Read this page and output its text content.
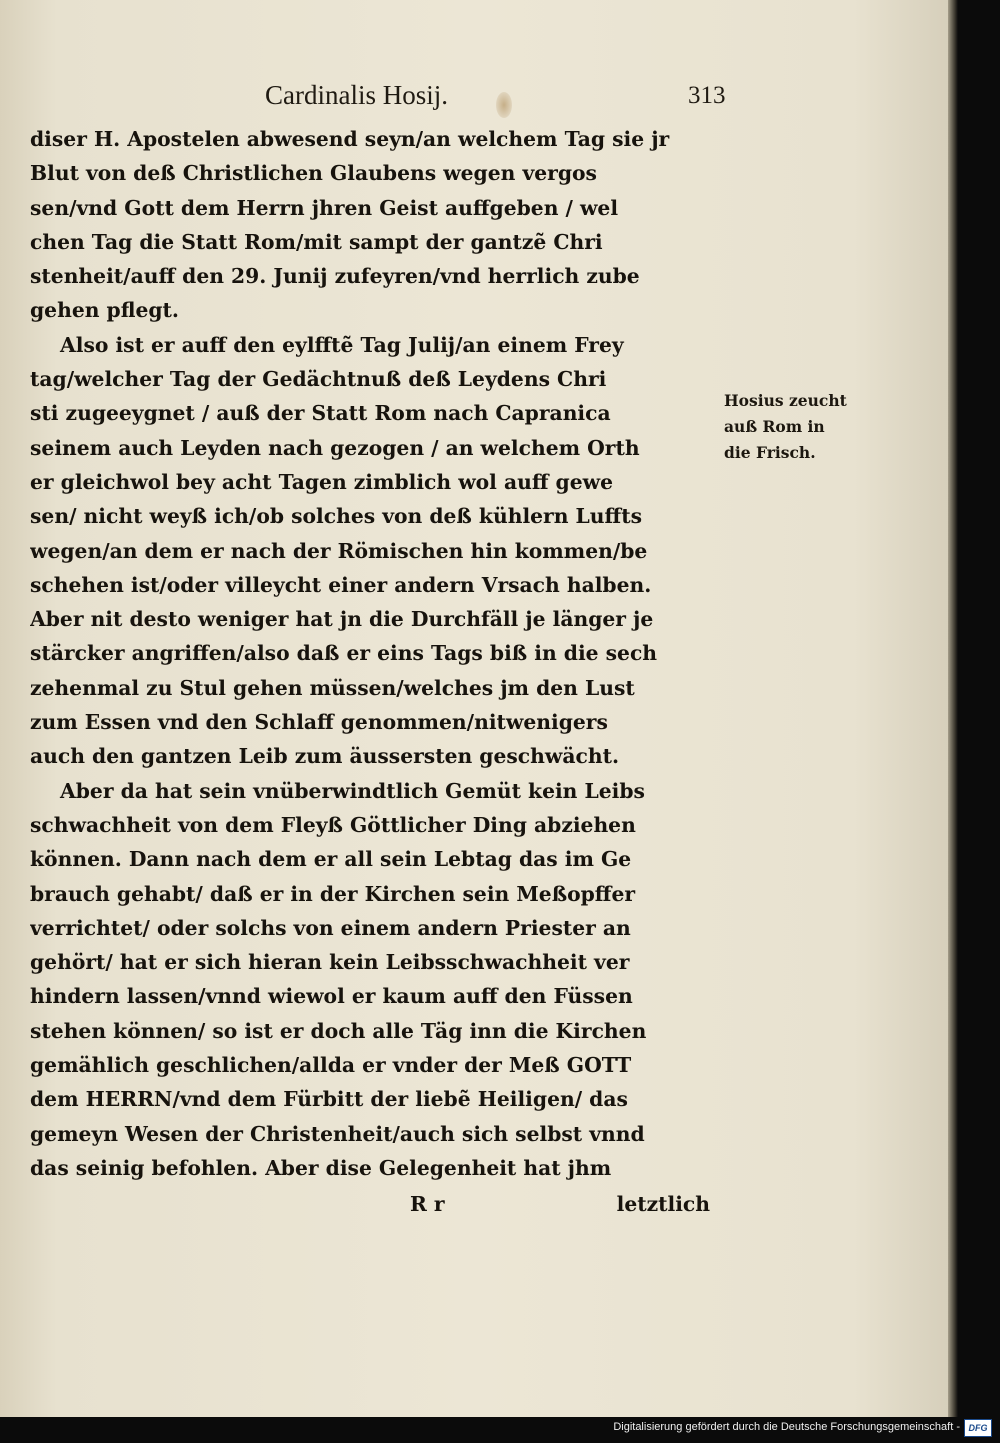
Cardinalis Hosij.	313
diser H. Apostelen abwesend seyn/an welchem Tag sie jr
Blut von deß Christlichen Glaubens wegen vergos
sen/vnd Gott dem Herrn jhren Geist auffgeben / wel
chen Tag die Statt Rom/mit sampt der gantzẽ Chri
stenheit/auff den 29. Junij zufeyren/vnd herrlich zube
gehen pflegt.
Also ist er auff den eylfftẽ Tag Julij/an einem Frey
tag/welcher Tag der Gedächtnuß deß Leydens Chri
sti zugeeygnet / auß der Statt Rom nach Capranica
seinem auch Leyden nach gezogen / an welchem Orth
er gleichwol bey acht Tagen zimblich wol auff gewe
sen/ nicht weyß ich/ob solches von deß kühlern Luffts
wegen/an dem er nach der Römischen hin kommen/be
schehen ist/oder villeycht einer andern Vrsach halben.
Aber nit desto weniger hat jn die Durchfäll je länger je
stärcker angriffen/also daß er eins Tags biß in die sech
zehenmal zu Stul gehen müssen/welches jm den Lust
zum Essen vnd den Schlaff genommen/nitwenigers
auch den gantzen Leib zum äussersten geschwächt.
Aber da hat sein vnüberwindtlich Gemüt kein Leibs
schwachheit von dem Fleyß Göttlicher Ding abziehen
können. Dann nach dem er all sein Lebtag das im Ge
brauch gehabt/ daß er in der Kirchen sein Meßopffer
verrichtet/ oder solchs von einem andern Priester an
gehört/ hat er sich hieran kein Leibsschwachheit ver
hindern lassen/vnnd wiewol er kaum auff den Füssen
stehen können/ so ist er doch alle Täg inn die Kirchen
gemählich geschlichen/allda er vnder der Meß GOTT
dem HERRN/vnd dem Fürbitt der liebẽ Heiligen/ das
gemeyn Wesen der Christenheit/auch sich selbst vnnd
das seinig befohlen. Aber dise Gelegenheit hat jhm
Hosius zeucht
auß Rom in
die Frisch.
R r	letztlich
Digitalisierung gefördert durch die Deutsche Forschungsgemeinschaft - DFG
